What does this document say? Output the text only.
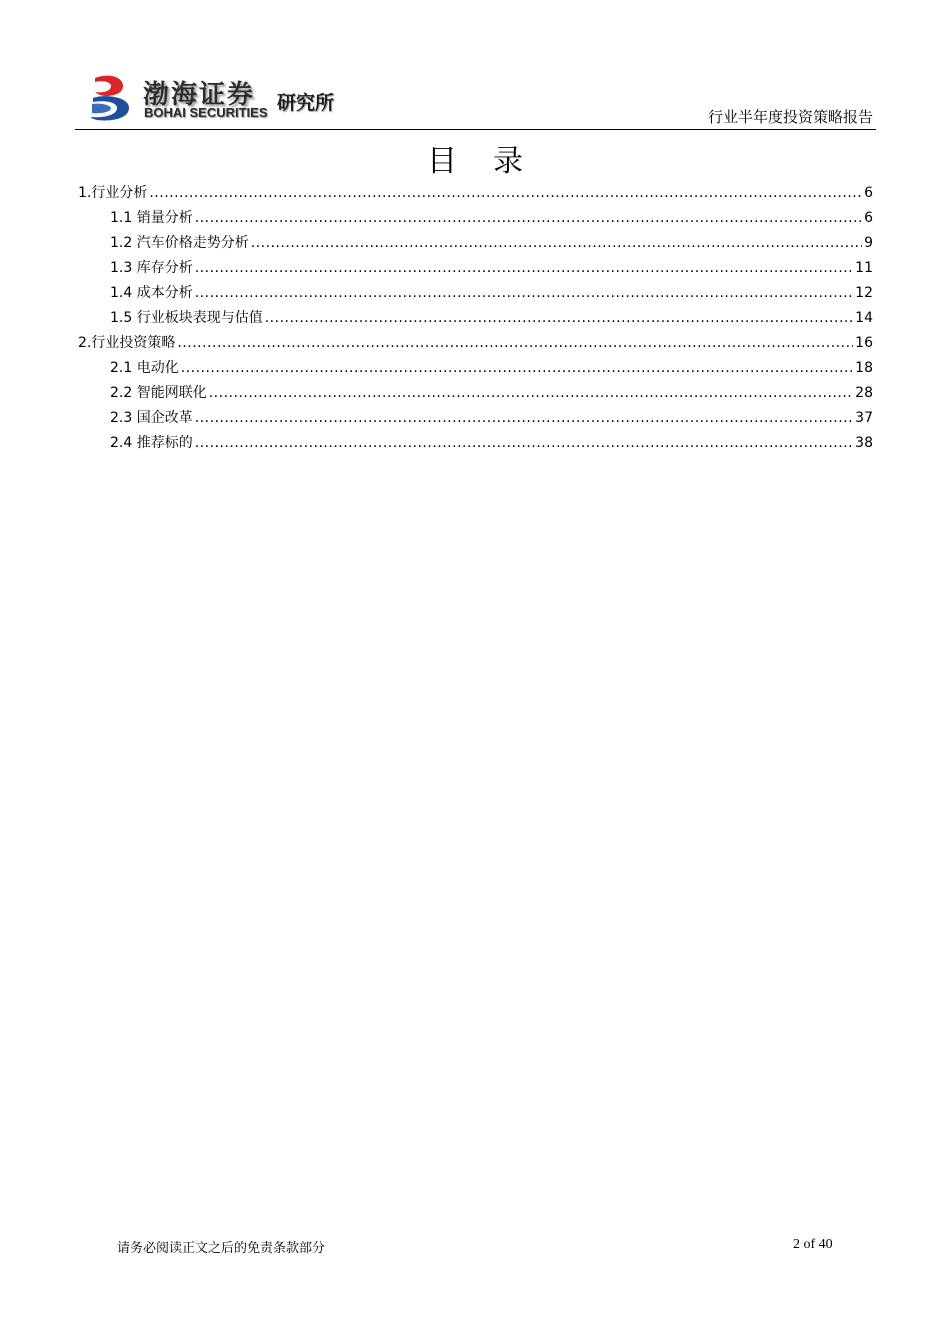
渤海证券
BOHAI SECURITIES 研究所
行业半年度投资策略报告
目录
1.行业分析 .....	6
1.1 销量分析 .....	6
1.2 汽车价格走势分析 .....	9
1.3 库存分析 .....	11
1.4 成本分析 .....	12
1.5 行业板块表现与估值 .....	14
2.行业投资策略 .....	16
2.1 电动化 .....	18
2.2 智能网联化 .....	28
2.3 国企改革 .....	37
2.4 推荐标的 .....	38
请务必阅读正文之后的免责条款部分	2 of 40
